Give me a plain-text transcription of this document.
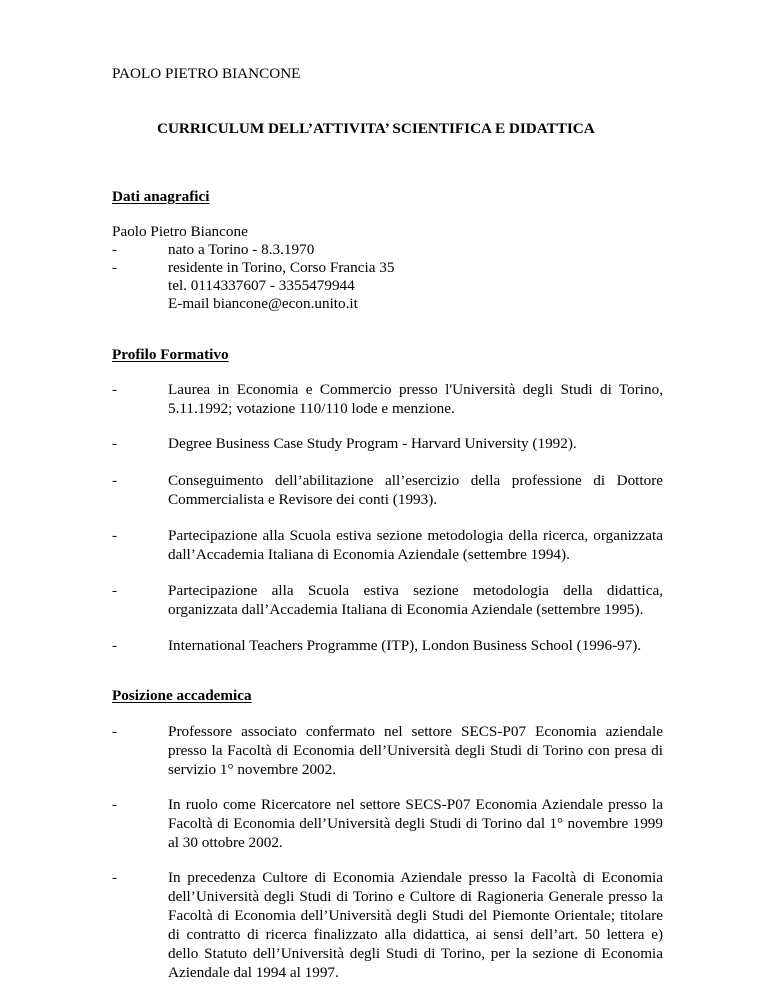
PAOLO PIETRO BIANCONE
CURRICULUM DELL’ATTIVITA’ SCIENTIFICA E DIDATTICA
Dati anagrafici
Paolo Pietro Biancone
-	nato a Torino - 8.3.1970
-	residente in Torino, Corso Francia 35
tel. 0114337607 - 3355479944
E-mail biancone@econ.unito.it
Profilo Formativo
-	Laurea in Economia e Commercio presso l'Università degli Studi di Torino,
5.11.1992; votazione 110/110 lode e menzione.
-	Degree Business Case Study Program - Harvard University (1992).
-	Conseguimento dell’abilitazione all’esercizio della professione di Dottore
Commercialista e Revisore dei conti (1993).
-	Partecipazione alla Scuola estiva sezione metodologia della ricerca, organizzata
dall’Accademia Italiana di Economia Aziendale (settembre 1994).
-	Partecipazione alla Scuola estiva sezione metodologia della didattica,
organizzata dall’Accademia Italiana di Economia Aziendale (settembre 1995).
-	International Teachers Programme (ITP), London Business School (1996-97).
Posizione accademica
-	Professore associato confermato nel settore SECS-P07 Economia aziendale
presso la Facoltà di Economia dell’Università degli Studi di Torino con presa di
servizio 1° novembre 2002.
-	In ruolo come Ricercatore nel settore SECS-P07 Economia Aziendale presso la
Facoltà di Economia dell’Università degli Studi di Torino dal 1° novembre 1999
al 30 ottobre 2002.
-	In precedenza Cultore di Economia Aziendale presso la Facoltà di Economia
dell’Università degli Studi di Torino e Cultore di Ragioneria Generale presso la
Facoltà di Economia dell’Università degli Studi del Piemonte Orientale; titolare
di contratto di ricerca finalizzato alla didattica, ai sensi dell’art. 50 lettera e)
dello Statuto dell’Università degli Studi di Torino, per la sezione di Economia
Aziendale dal 1994 al 1997.
